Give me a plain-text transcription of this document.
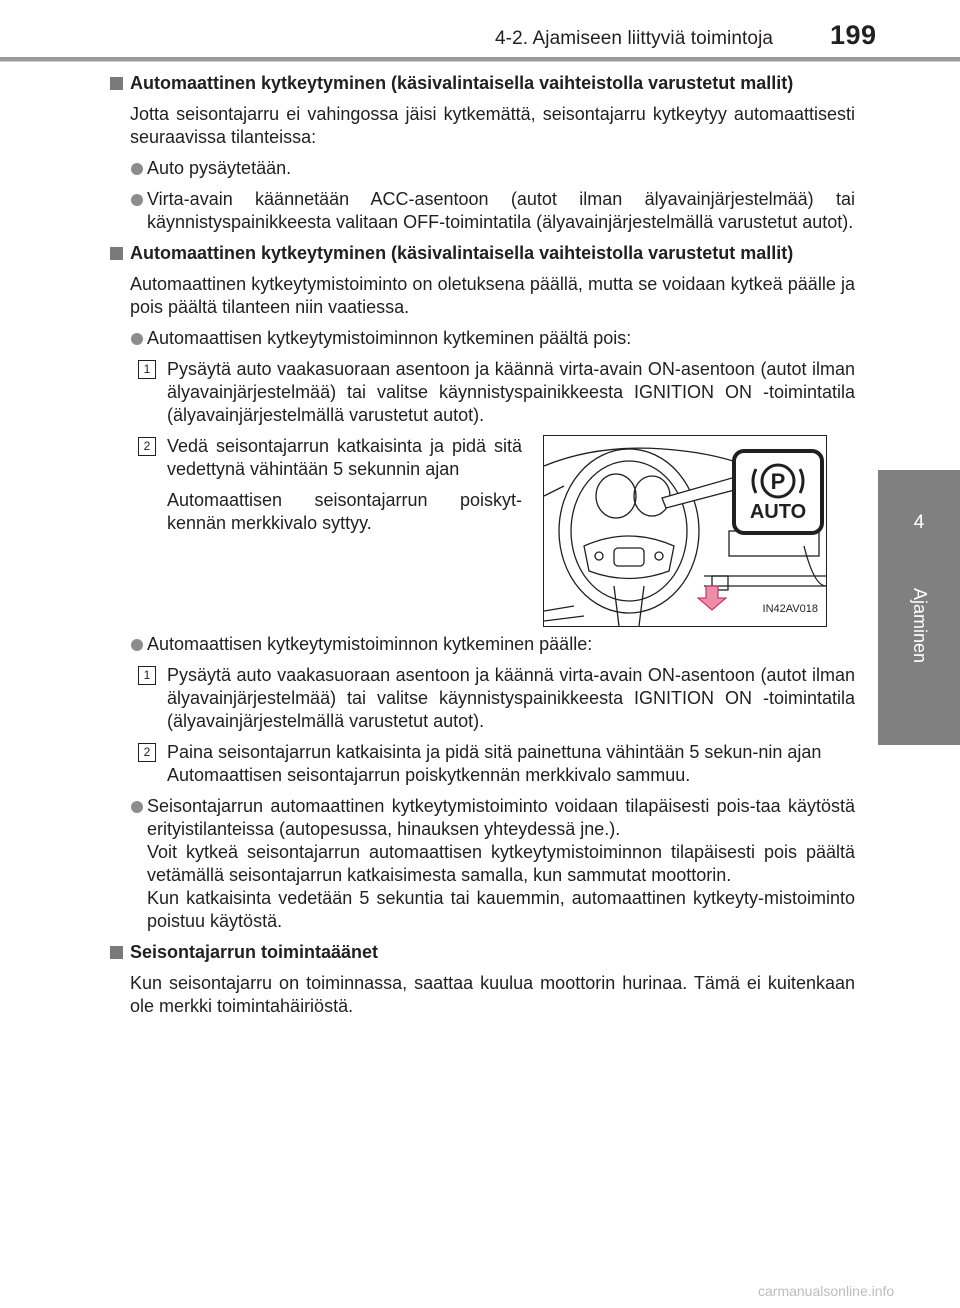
4-2. Ajamiseen liittyviä toimintoja 199
4
Ajaminen
Automaattinen kytkeytyminen (käsivalintaisella vaihteistolla varustetut mallit)
Jotta seisontajarru ei vahingossa jäisi kytkemättä, seisontajarru kytkeytyy automaattisesti seuraavissa tilanteissa:
Auto pysäytetään.
Virta-avain käännetään ACC-asentoon (autot ilman älyavainjärjestelmää) tai käynnistyspainikkeesta valitaan OFF-toimintatila (älyavainjärjestelmällä varustetut autot).
Automaattinen kytkeytyminen (käsivalintaisella vaihteistolla varustetut mallit)
Automaattinen kytkeytymistoiminto on oletuksena päällä, mutta se voidaan kytkeä päälle ja pois päältä tilanteen niin vaatiessa.
Automaattisen kytkeytymistoiminnon kytkeminen päältä pois:
1 Pysäytä auto vaakasuoraan asentoon ja käännä virta-avain ON-asentoon (autot ilman älyavainjärjestelmää) tai valitse käynnistyspainikkeesta IGNITION ON -toimintatila (älyavainjärjestelmällä varustetut autot).
2 Vedä seisontajarrun katkaisinta ja pidä sitä vedettynä vähintään 5 sekunnin ajan
Automaattisen seisontajarrun poiskyt-kennän merkkivalo syttyy.
P
AUTO
IN42AV018
Automaattisen kytkeytymistoiminnon kytkeminen päälle:
1 Pysäytä auto vaakasuoraan asentoon ja käännä virta-avain ON-asentoon (autot ilman älyavainjärjestelmää) tai valitse käynnistyspainikkeesta IGNITION ON -toimintatila (älyavainjärjestelmällä varustetut autot).
2 Paina seisontajarrun katkaisinta ja pidä sitä painettuna vähintään 5 sekun-nin ajan
Automaattisen seisontajarrun poiskytkennän merkkivalo sammuu.
Seisontajarrun automaattinen kytkeytymistoiminto voidaan tilapäisesti pois-taa käytöstä erityistilanteissa (autopesussa, hinauksen yhteydessä jne.).
Voit kytkeä seisontajarrun automaattisen kytkeytymistoiminnon tilapäisesti pois päältä vetämällä seisontajarrun katkaisimesta samalla, kun sammutat moottorin.
Kun katkaisinta vedetään 5 sekuntia tai kauemmin, automaattinen kytkeyty-mistoiminto poistuu käytöstä.
Seisontajarrun toimintaäänet
Kun seisontajarru on toiminnassa, saattaa kuulua moottorin hurinaa. Tämä ei kuitenkaan ole merkki toimintahäiriöstä.
carmanualsonline.info
